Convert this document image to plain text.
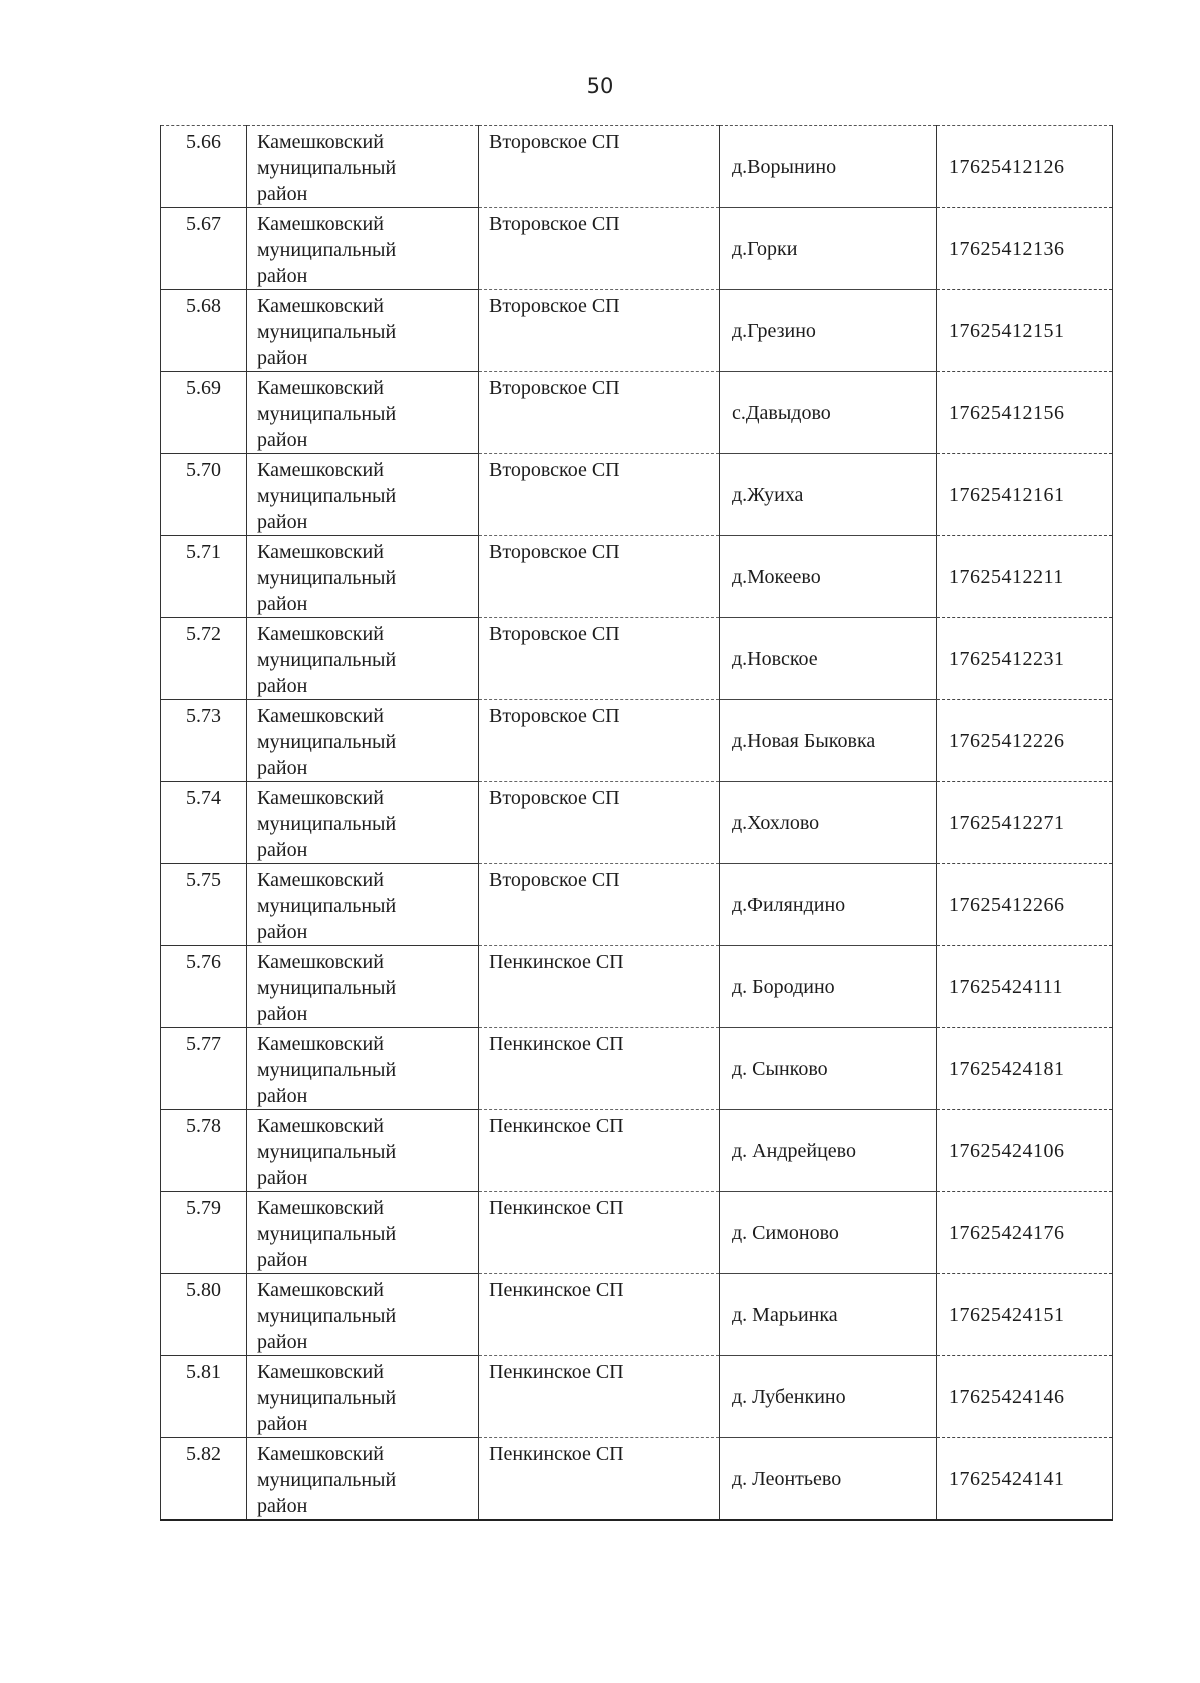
50
5.66	Камешковский
муниципальный
район	Второвское СП	д.Ворынино	17625412126
5.67	Камешковский
муниципальный
район	Второвское СП	д.Горки	17625412136
5.68	Камешковский
муниципальный
район	Второвское СП	д.Грезино	17625412151
5.69	Камешковский
муниципальный
район	Второвское СП	с.Давыдово	17625412156
5.70	Камешковский
муниципальный
район	Второвское СП	д.Жуиха	17625412161
5.71	Камешковский
муниципальный
район	Второвское СП	д.Мокеево	17625412211
5.72	Камешковский
муниципальный
район	Второвское СП	д.Новское	17625412231
5.73	Камешковский
муниципальный
район	Второвское СП	д.Новая Быковка	17625412226
5.74	Камешковский
муниципальный
район	Второвское СП	д.Хохлово	17625412271
5.75	Камешковский
муниципальный
район	Второвское СП	д.Филяндино	17625412266
5.76	Камешковский
муниципальный
район	Пенкинское СП	д. Бородино	17625424111
5.77	Камешковский
муниципальный
район	Пенкинское СП	д. Сынково	17625424181
5.78	Камешковский
муниципальный
район	Пенкинское СП	д. Андрейцево	17625424106
5.79	Камешковский
муниципальный
район	Пенкинское СП	д. Симоново	17625424176
5.80	Камешковский
муниципальный
район	Пенкинское СП	д. Марьинка	17625424151
5.81	Камешковский
муниципальный
район	Пенкинское СП	д. Лубенкино	17625424146
5.82	Камешковский
муниципальный
район	Пенкинское СП	д. Леонтьево	17625424141
